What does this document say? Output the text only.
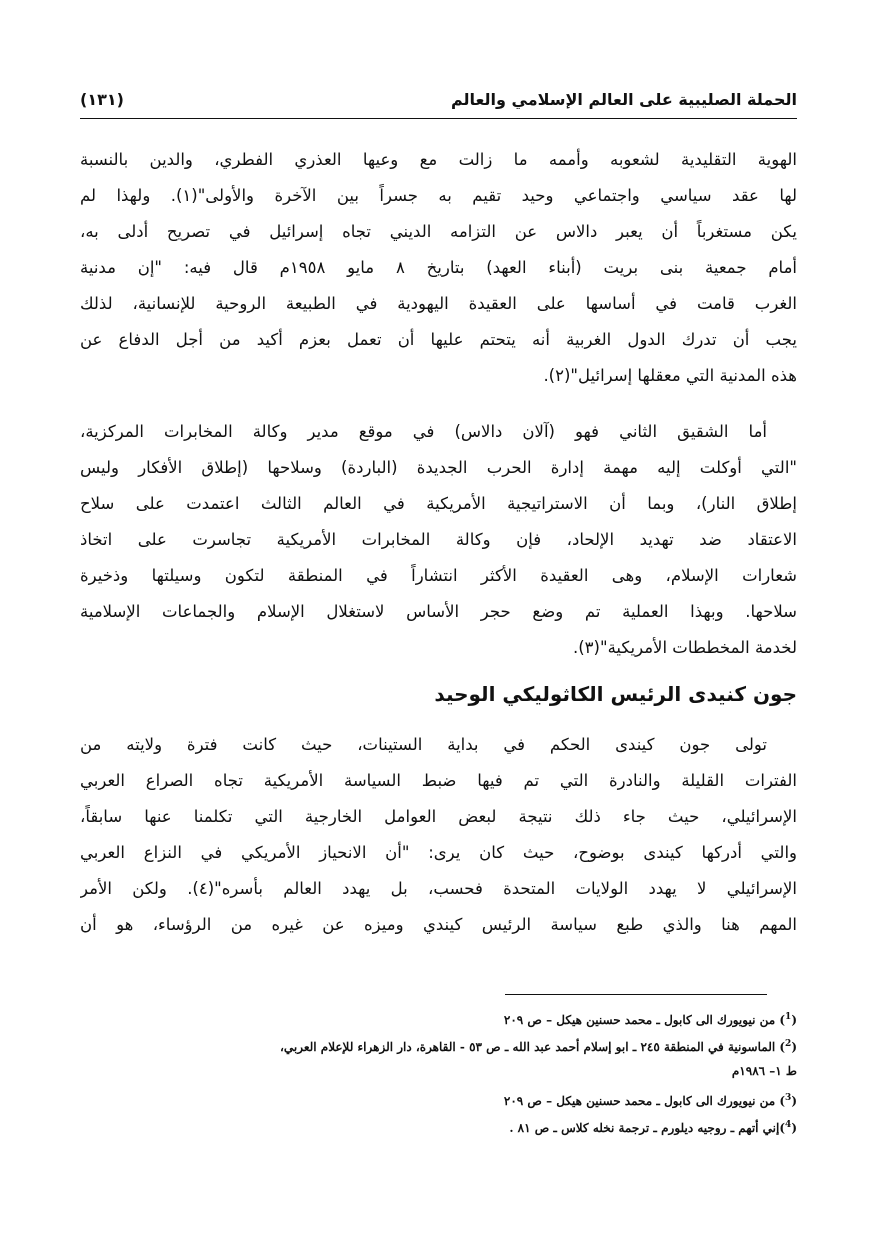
الحملة الصليبية على العالم الإسلامي والعالم
(١٣١)
الهوية التقليدية لشعوبه وأممه ما زالت مع وعيها العذري الفطري، والدين بالنسبة
لها عقد سياسي واجتماعي وحيد تقيم به جسراً بين الآخرة والأولى"(١). ولهذا لم
يكن مستغرباً أن يعبر دالاس عن التزامه الديني تجاه إسرائيل في تصريح أدلى به،
أمام جمعية بنى بريت (أبناء العهد) بتاريخ ٨ مايو ١٩٥٨م قال فيه: "إن مدنية
الغرب قامت في أساسها على العقيدة اليهودية في الطبيعة الروحية للإنسانية، لذلك
يجب أن تدرك الدول الغربية أنه يتحتم عليها أن تعمل بعزم أكيد من أجل الدفاع عن
هذه المدنية التي معقلها إسرائيل"(٢).
أما الشقيق الثاني فهو (آلان دالاس) في موقع مدير وكالة المخابرات المركزية،
"التي أوكلت إليه مهمة إدارة الحرب الجديدة (الباردة) وسلاحها (إطلاق الأفكار وليس
إطلاق النار)، وبما أن الاستراتيجية الأمريكية في العالم الثالث اعتمدت على سلاح
الاعتقاد ضد تهديد الإلحاد، فإن وكالة المخابرات الأمريكية تجاسرت على اتخاذ
شعارات الإسلام، وهى العقيدة الأكثر انتشاراً في المنطقة لتكون وسيلتها وذخيرة
سلاحها. وبهذا العملية تم وضع حجر الأساس لاستغلال الإسلام والجماعات الإسلامية
لخدمة المخططات الأمريكية"(٣).
جون كنيدى الرئيس الكاثوليكي الوحيد
تولى جون كيندى الحكم في بداية الستينات، حيث كانت فترة ولايته من
الفترات القليلة والنادرة التي تم فيها ضبط السياسة الأمريكية تجاه الصراع العربي
الإسرائيلي، حيث جاء ذلك نتيجة لبعض العوامل الخارجية التي تكلمنا عنها سابقاً،
والتي أدركها كيندى بوضوح، حيث كان يرى: "أن الانحياز الأمريكي في النزاع العربي
الإسرائيلي لا يهدد الولايات المتحدة فحسب، بل يهدد العالم بأسره"(٤). ولكن الأمر
المهم هنا والذي طبع سياسة الرئيس كيندي وميزه عن غيره من الرؤساء، هو أن
($^1$) من نيويورك الى كابول ـ محمد حسنين هيكل – ص ٢٠٩
($^2$) الماسونية في المنطقة ٢٤٥ ـ ابو إسلام أحمد عبد الله ـ ص ٥٣ - القاهرة، دار الزهراء للإعلام العربي،
ط ١– ١٩٨٦م
($^3$) من نيويورك الى كابول ـ محمد حسنين هيكل – ص ٢٠٩
($^4$)إني أتهم ـ روجيه ديلورم ـ ترجمة نخله كلاس ـ ص ٨١ .
